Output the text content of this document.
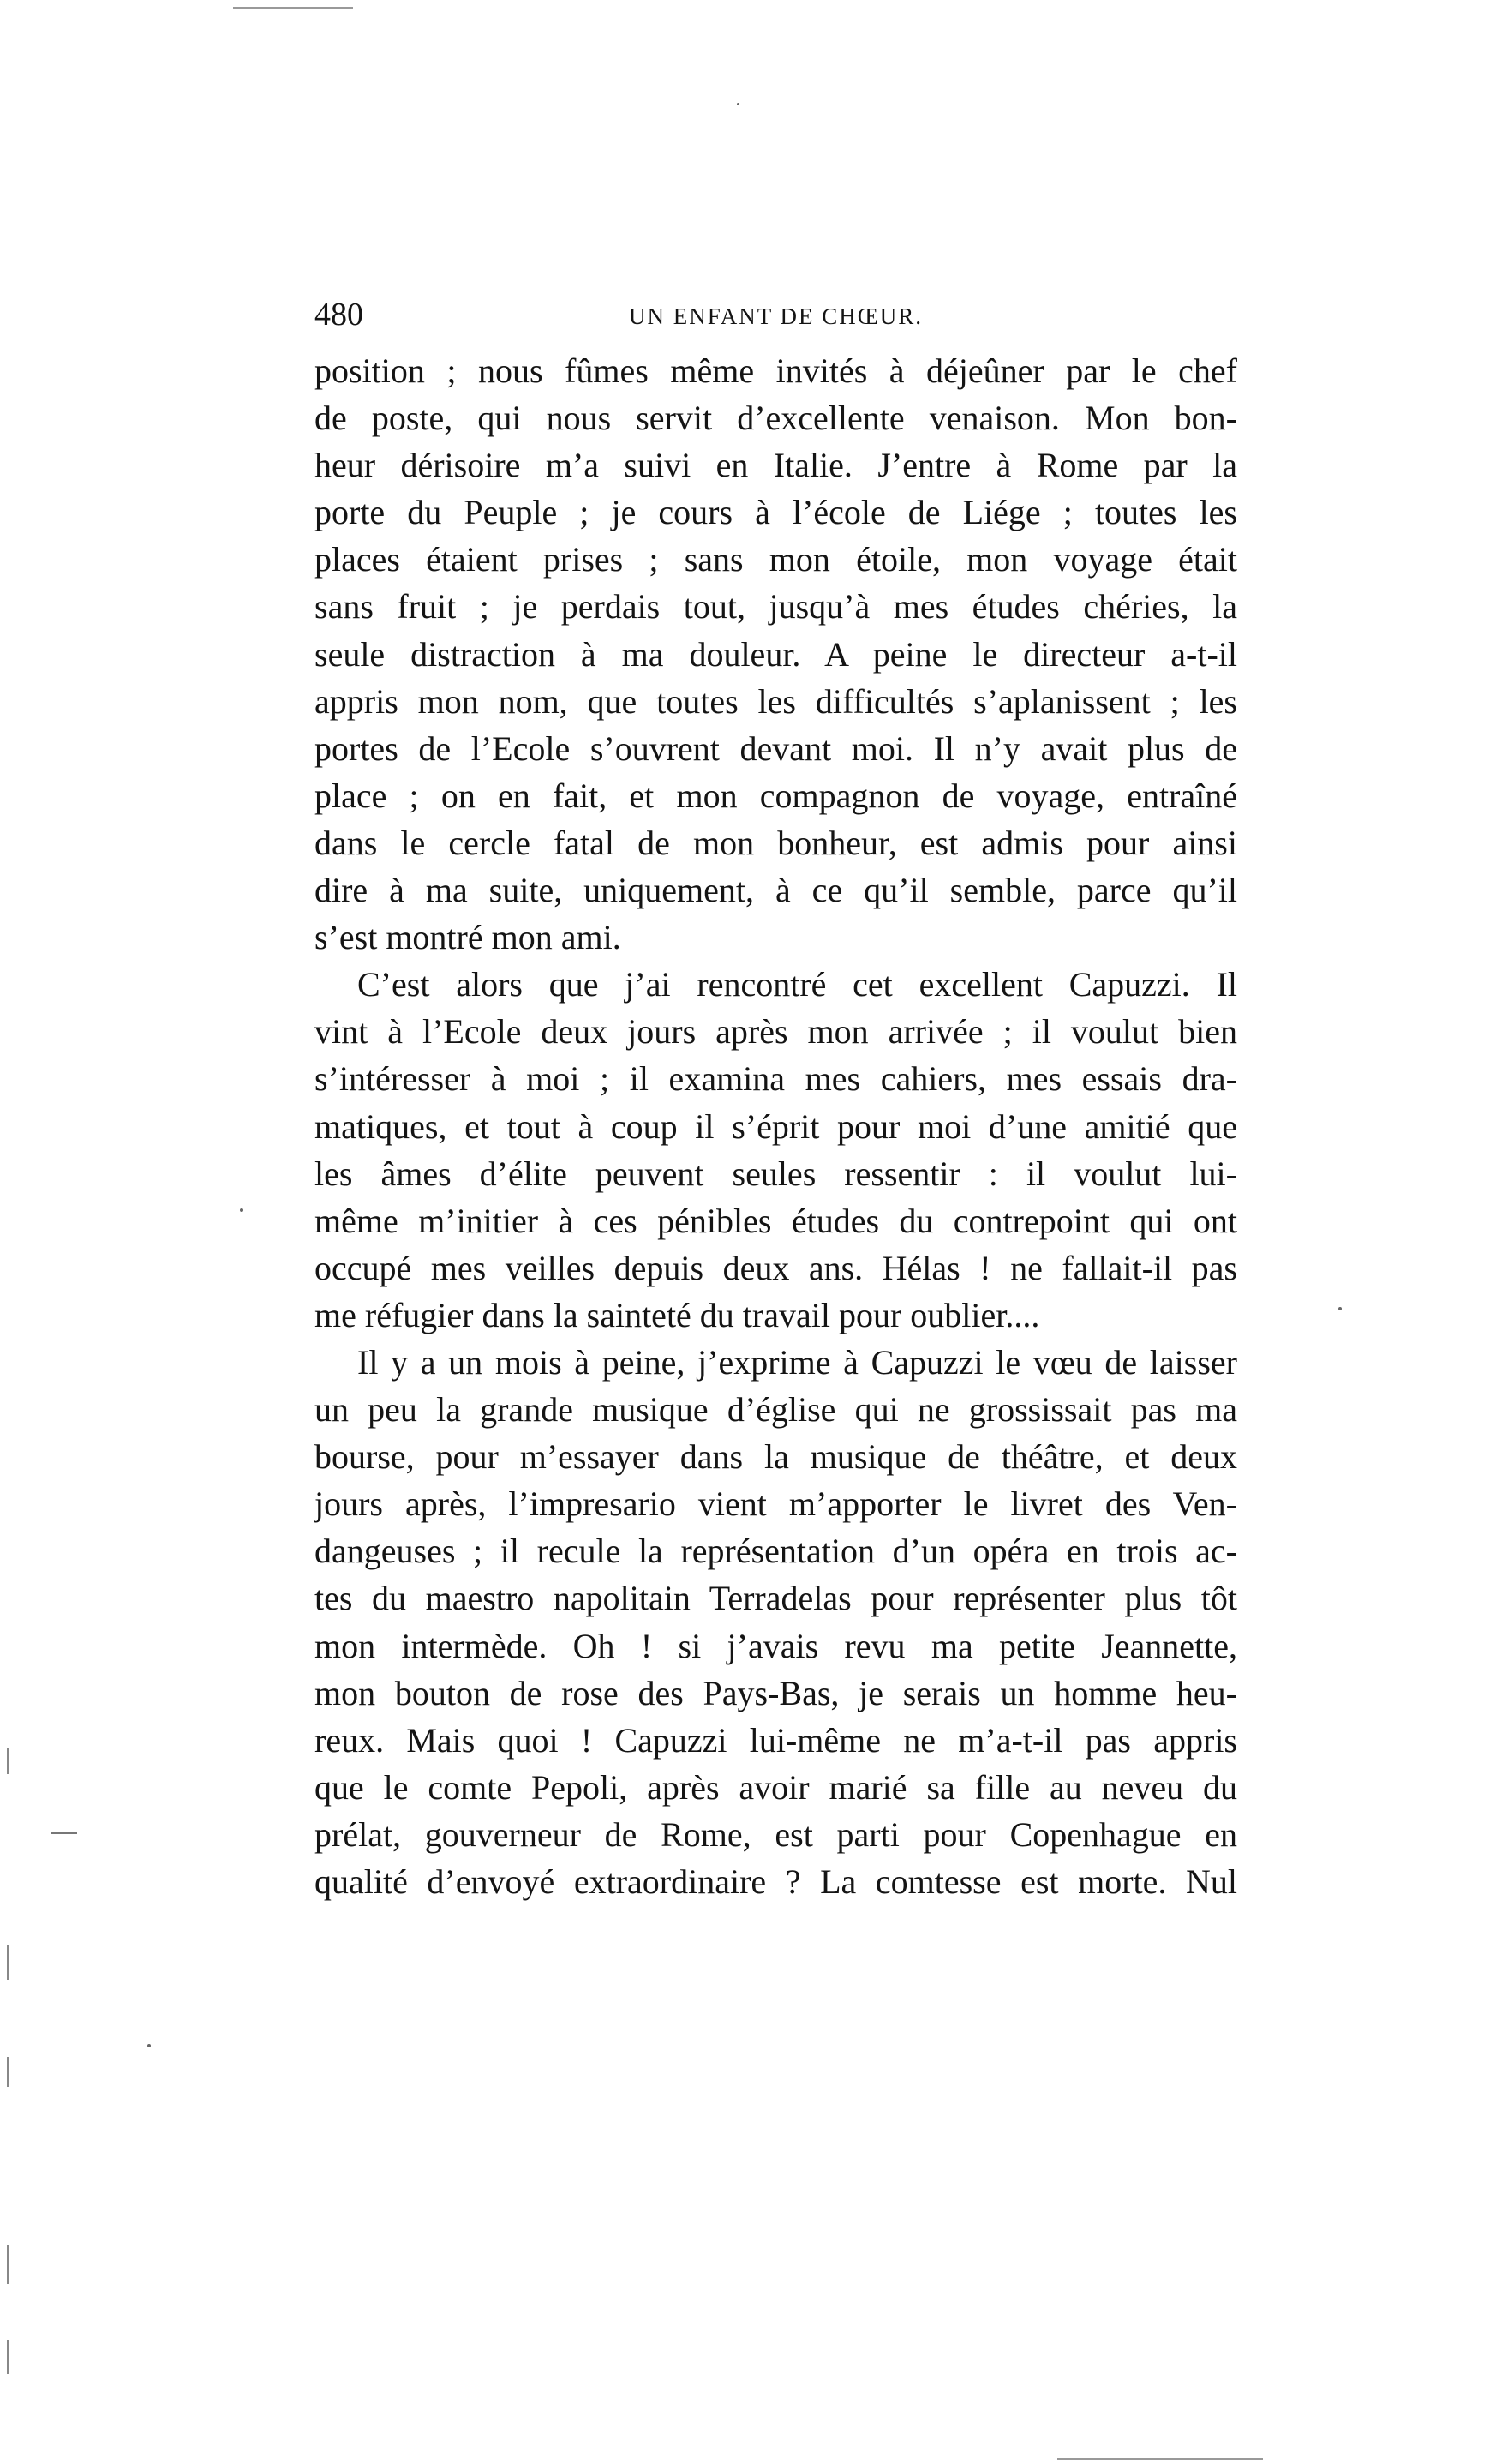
480	UN ENFANT DE CHŒUR.
position ; nous fûmes même invités à déjeûner par le chef
de poste, qui nous servit d’excellente venaison. Mon bon-
heur dérisoire m’a suivi en Italie. J’entre à Rome par la
porte du Peuple ; je cours à l’école de Liége ; toutes les
places étaient prises ; sans mon étoile, mon voyage était
sans fruit ; je perdais tout, jusqu’à mes études chéries, la
seule distraction à ma douleur. A peine le directeur a-t-il
appris mon nom, que toutes les difficultés s’aplanissent ; les
portes de l’Ecole s’ouvrent devant moi. Il n’y avait plus de
place ; on en fait, et mon compagnon de voyage, entraîné
dans le cercle fatal de mon bonheur, est admis pour ainsi
dire à ma suite, uniquement, à ce qu’il semble, parce qu’il
s’est montré mon ami.
C’est alors que j’ai rencontré cet excellent Capuzzi. Il
vint à l’Ecole deux jours après mon arrivée ; il voulut bien
s’intéresser à moi ; il examina mes cahiers, mes essais dra-
matiques, et tout à coup il s’éprit pour moi d’une amitié que
les âmes d’élite peuvent seules ressentir : il voulut lui-
même m’initier à ces pénibles études du contrepoint qui ont
occupé mes veilles depuis deux ans. Hélas ! ne fallait-il pas
me réfugier dans la sainteté du travail pour oublier....
Il y a un mois à peine, j’exprime à Capuzzi le vœu de laisser
un peu la grande musique d’église qui ne grossissait pas ma
bourse, pour m’essayer dans la musique de théâtre, et deux
jours après, l’impresario vient m’apporter le livret des Ven-
dangeuses ; il recule la représentation d’un opéra en trois ac-
tes du maestro napolitain Terradelas pour représenter plus tôt
mon intermède. Oh ! si j’avais revu ma petite Jeannette,
mon bouton de rose des Pays-Bas, je serais un homme heu-
reux. Mais quoi ! Capuzzi lui-même ne m’a-t-il pas appris
que le comte Pepoli, après avoir marié sa fille au neveu du
prélat, gouverneur de Rome, est parti pour Copenhague en
qualité d’envoyé extraordinaire ? La comtesse est morte. Nul
